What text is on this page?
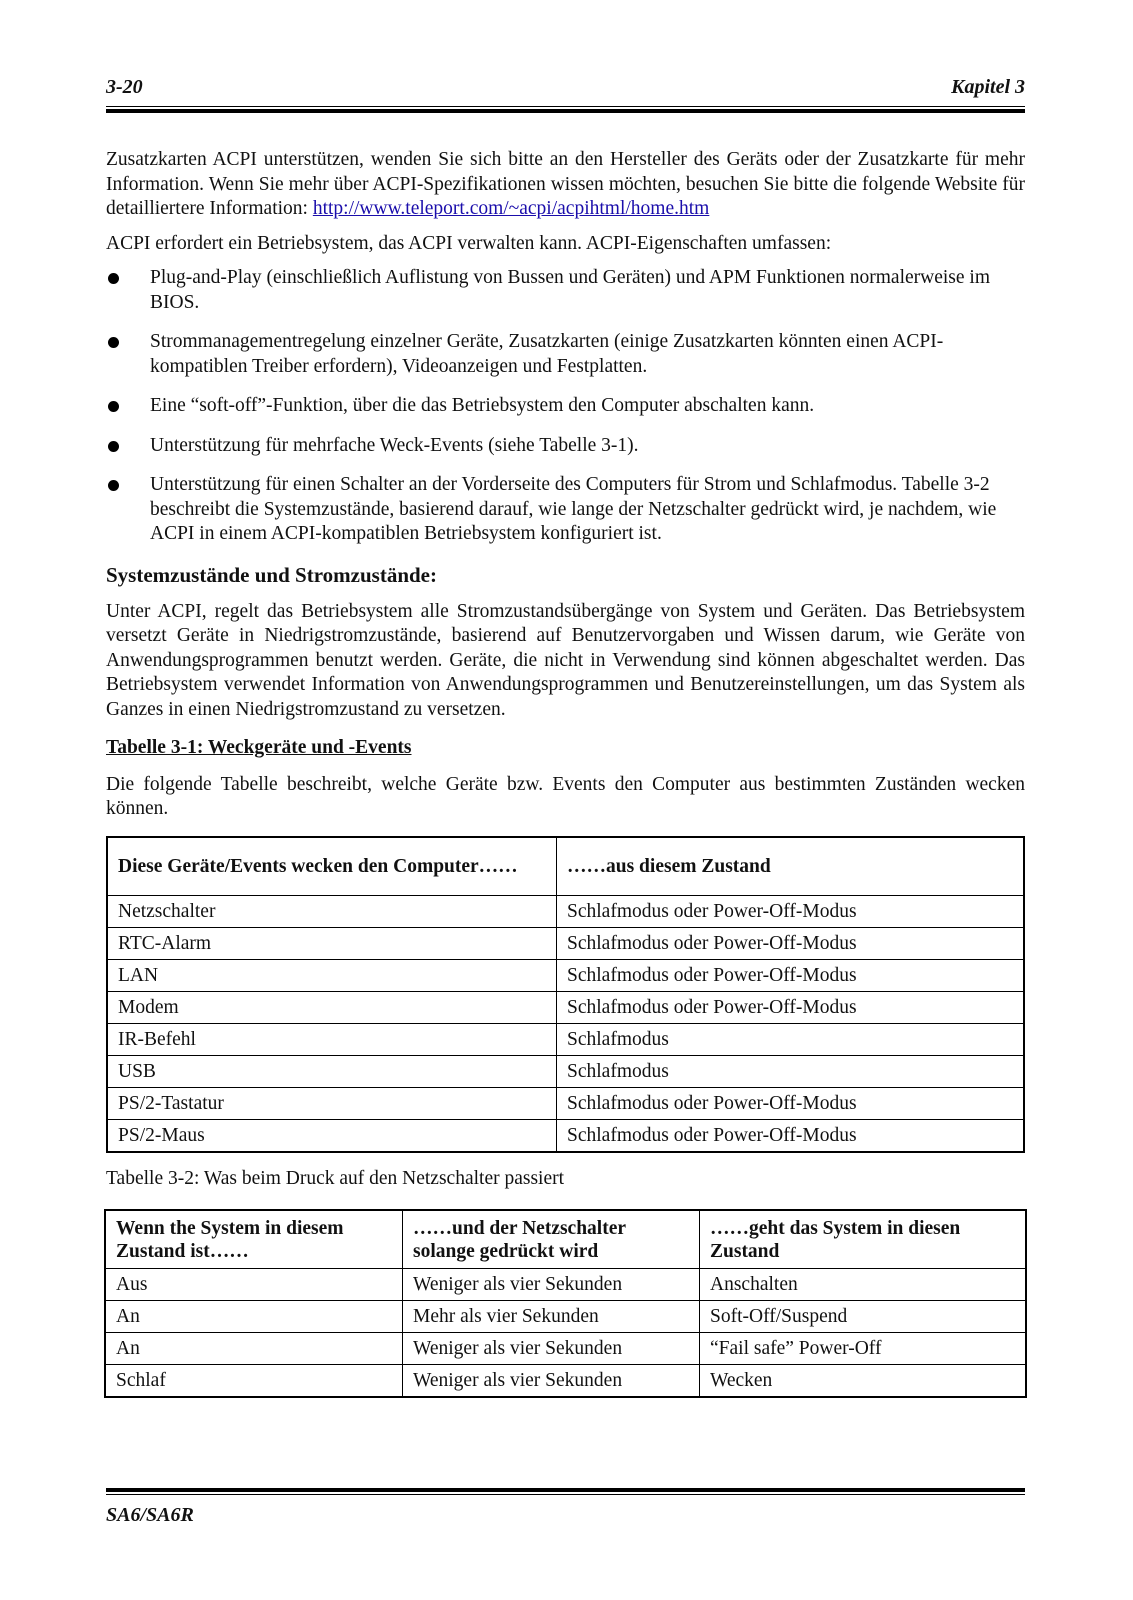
3-20	Kapitel 3

Zusatzkarten ACPI unterstützen, wenden Sie sich bitte an den Hersteller des Geräts oder der Zusatzkarte für mehr Information. Wenn Sie mehr über ACPI-Spezifikationen wissen möchten, besuchen Sie bitte die folgende Website für detailliertere Information: http://www.teleport.com/~acpi/acpihtml/home.htm

ACPI erfordert ein Betriebsystem, das ACPI verwalten kann. ACPI-Eigenschaften umfassen:

Plug-and-Play (einschließlich Auflistung von Bussen und Geräten) und APM Funktionen normalerweise im BIOS.
Strommanagementregelung einzelner Geräte, Zusatzkarten (einige Zusatzkarten könnten einen ACPI-kompatiblen Treiber erfordern), Videoanzeigen und Festplatten.
Eine “soft-off”-Funktion, über die das Betriebsystem den Computer abschalten kann.
Unterstützung für mehrfache Weck-Events (siehe Tabelle 3-1).
Unterstützung für einen Schalter an der Vorderseite des Computers für Strom und Schlafmodus. Tabelle 3-2 beschreibt die Systemzustände, basierend darauf, wie lange der Netzschalter gedrückt wird, je nachdem, wie ACPI in einem ACPI-kompatiblen Betriebsystem konfiguriert ist.
Systemzustände und Stromzustände:

Unter ACPI, regelt das Betriebsystem alle Stromzustandsübergänge von System und Geräten. Das Betriebsystem versetzt Geräte in Niedrigstromzustände, basierend auf Benutzervorgaben und Wissen darum, wie Geräte von Anwendungsprogrammen benutzt werden. Geräte, die nicht in Verwendung sind können abgeschaltet werden. Das Betriebsystem verwendet Information von Anwendungsprogrammen und Benutzereinstellungen, um das System als Ganzes in einen Niedrigstromzustand zu versetzen.

Tabelle 3-1: Weckgeräte und -Events

Die folgende Tabelle beschreibt, welche Geräte bzw. Events den Computer aus bestimmten Zuständen wecken können.

Diese Geräte/Events wecken den Computer……	……aus diesem Zustand
Netzschalter	Schlafmodus oder Power-Off-Modus
RTC-Alarm	Schlafmodus oder Power-Off-Modus
LAN	Schlafmodus oder Power-Off-Modus
Modem	Schlafmodus oder Power-Off-Modus
IR-Befehl	Schlafmodus
USB	Schlafmodus
PS/2-Tastatur	Schlafmodus oder Power-Off-Modus
PS/2-Maus	Schlafmodus oder Power-Off-Modus

Tabelle 3-2: Was beim Druck auf den Netzschalter passiert

Wenn the System in diesem Zustand ist……	……und der Netzschalter solange gedrückt wird	……geht das System in diesen Zustand
Aus	Weniger als vier Sekunden	Anschalten
An	Mehr als vier Sekunden	Soft-Off/Suspend
An	Weniger als vier Sekunden	“Fail safe” Power-Off
Schlaf	Weniger als vier Sekunden	Wecken
SA6/SA6R
